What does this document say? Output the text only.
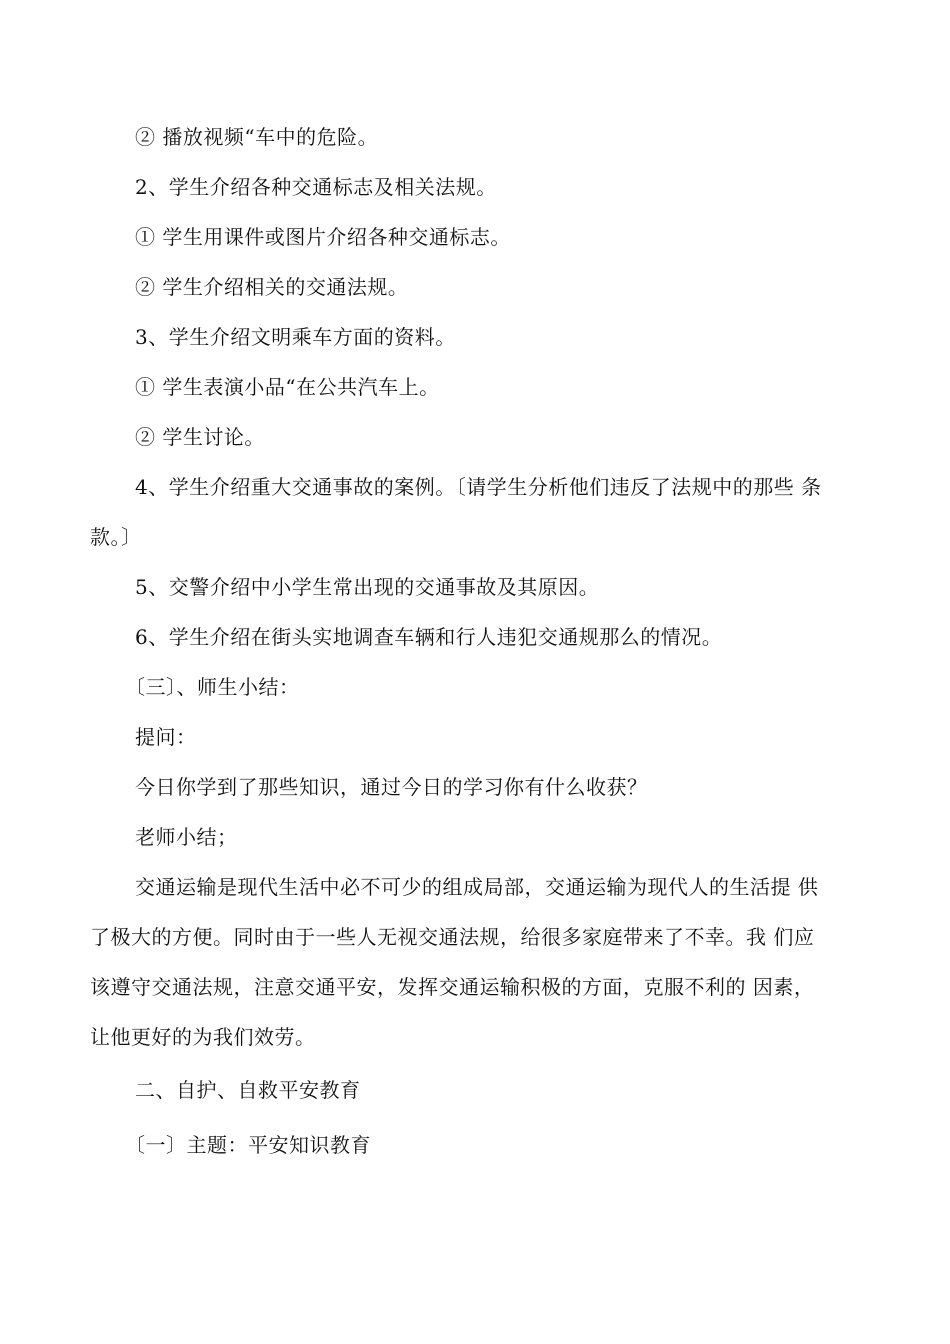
② 播放视频“车中的危险。
2、学生介绍各种交通标志及相关法规。
① 学生用课件或图片介绍各种交通标志。
② 学生介绍相关的交通法规。
3、学生介绍文明乘车方面的资料。
① 学生表演小品“在公共汽车上。
② 学生讨论。
4、学生介绍重大交通事故的案例。〔请学生分析他们违反了法规中的那些 条
款。〕
5、交警介绍中小学生常出现的交通事故及其原因。
6、学生介绍在街头实地调查车辆和行人违犯交通规那么的情况。
〔三〕、师生小结：
提问：
今日你学到了那些知识，通过今日的学习你有什么收获？
老师小结；
交通运输是现代生活中必不可少的组成局部，交通运输为现代人的生活提 供
了极大的方便。同时由于一些人无视交通法规，给很多家庭带来了不幸。我 们应
该遵守交通法规，注意交通平安，发挥交通运输积极的方面，克服不利的 因素，
让他更好的为我们效劳。
二、自护、自救平安教育
〔一〕主题：平安知识教育
